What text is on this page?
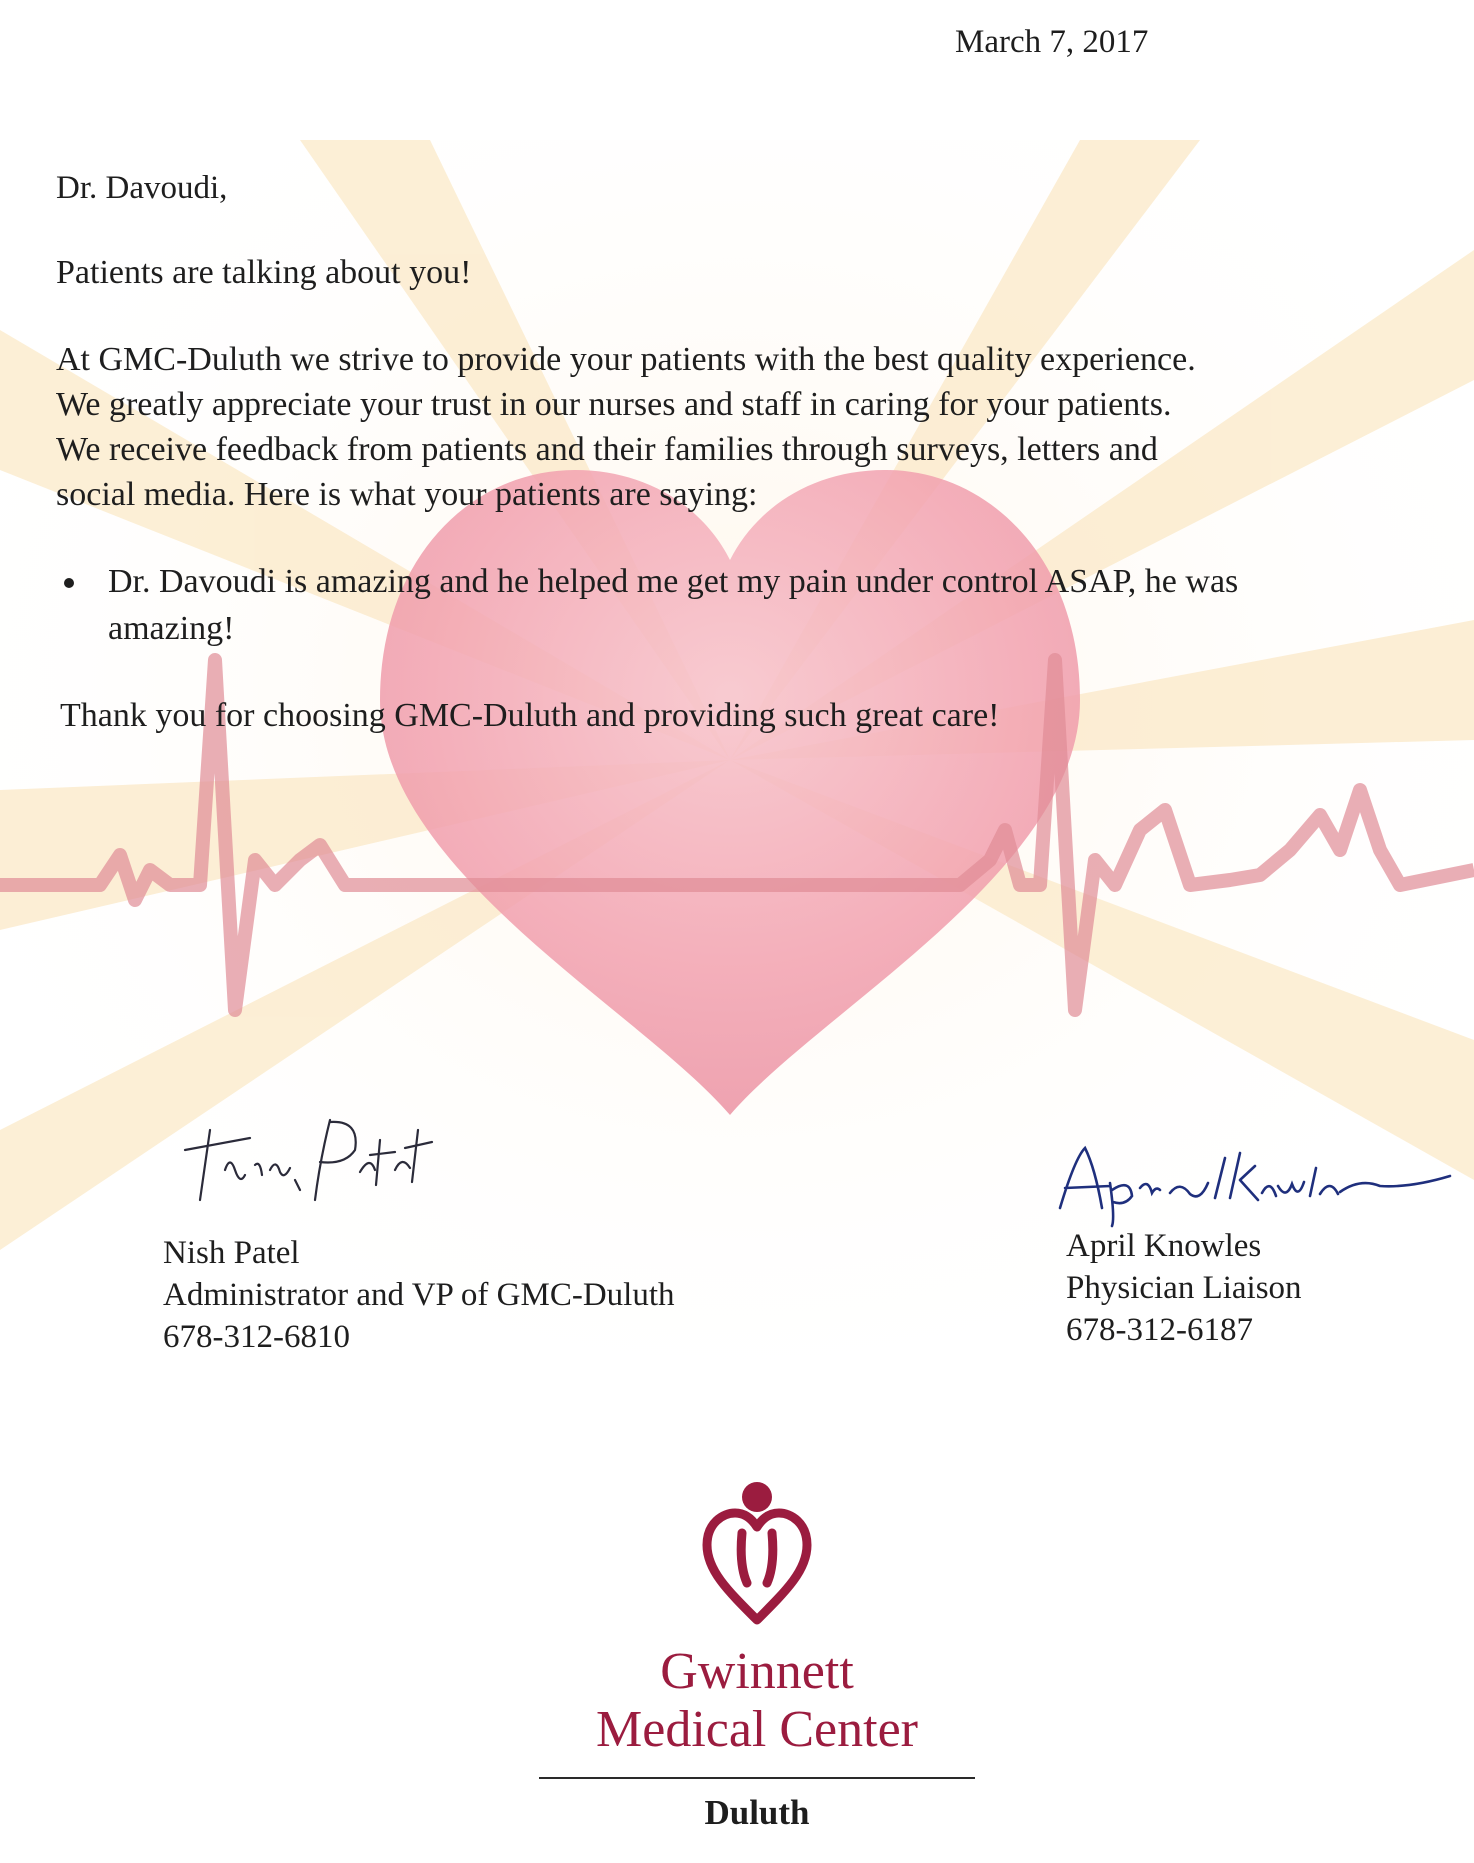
March 7, 2017
Dr. Davoudi,
Patients are talking about you!
At GMC-Duluth we strive to provide your patients with the best quality experience.
We greatly appreciate your trust in our nurses and staff in caring for your patients.
We receive feedback from patients and their families through surveys, letters and
social media. Here is what your patients are saying:
Dr. Davoudi is amazing and he helped me get my pain under control ASAP, he was amazing!
Thank you for choosing GMC-Duluth and providing such great care!
Nish Patel
Administrator and VP of GMC-Duluth
678-312-6810
April Knowles
Physician Liaison
678-312-6187
Gwinnett
Medical Center
Duluth
